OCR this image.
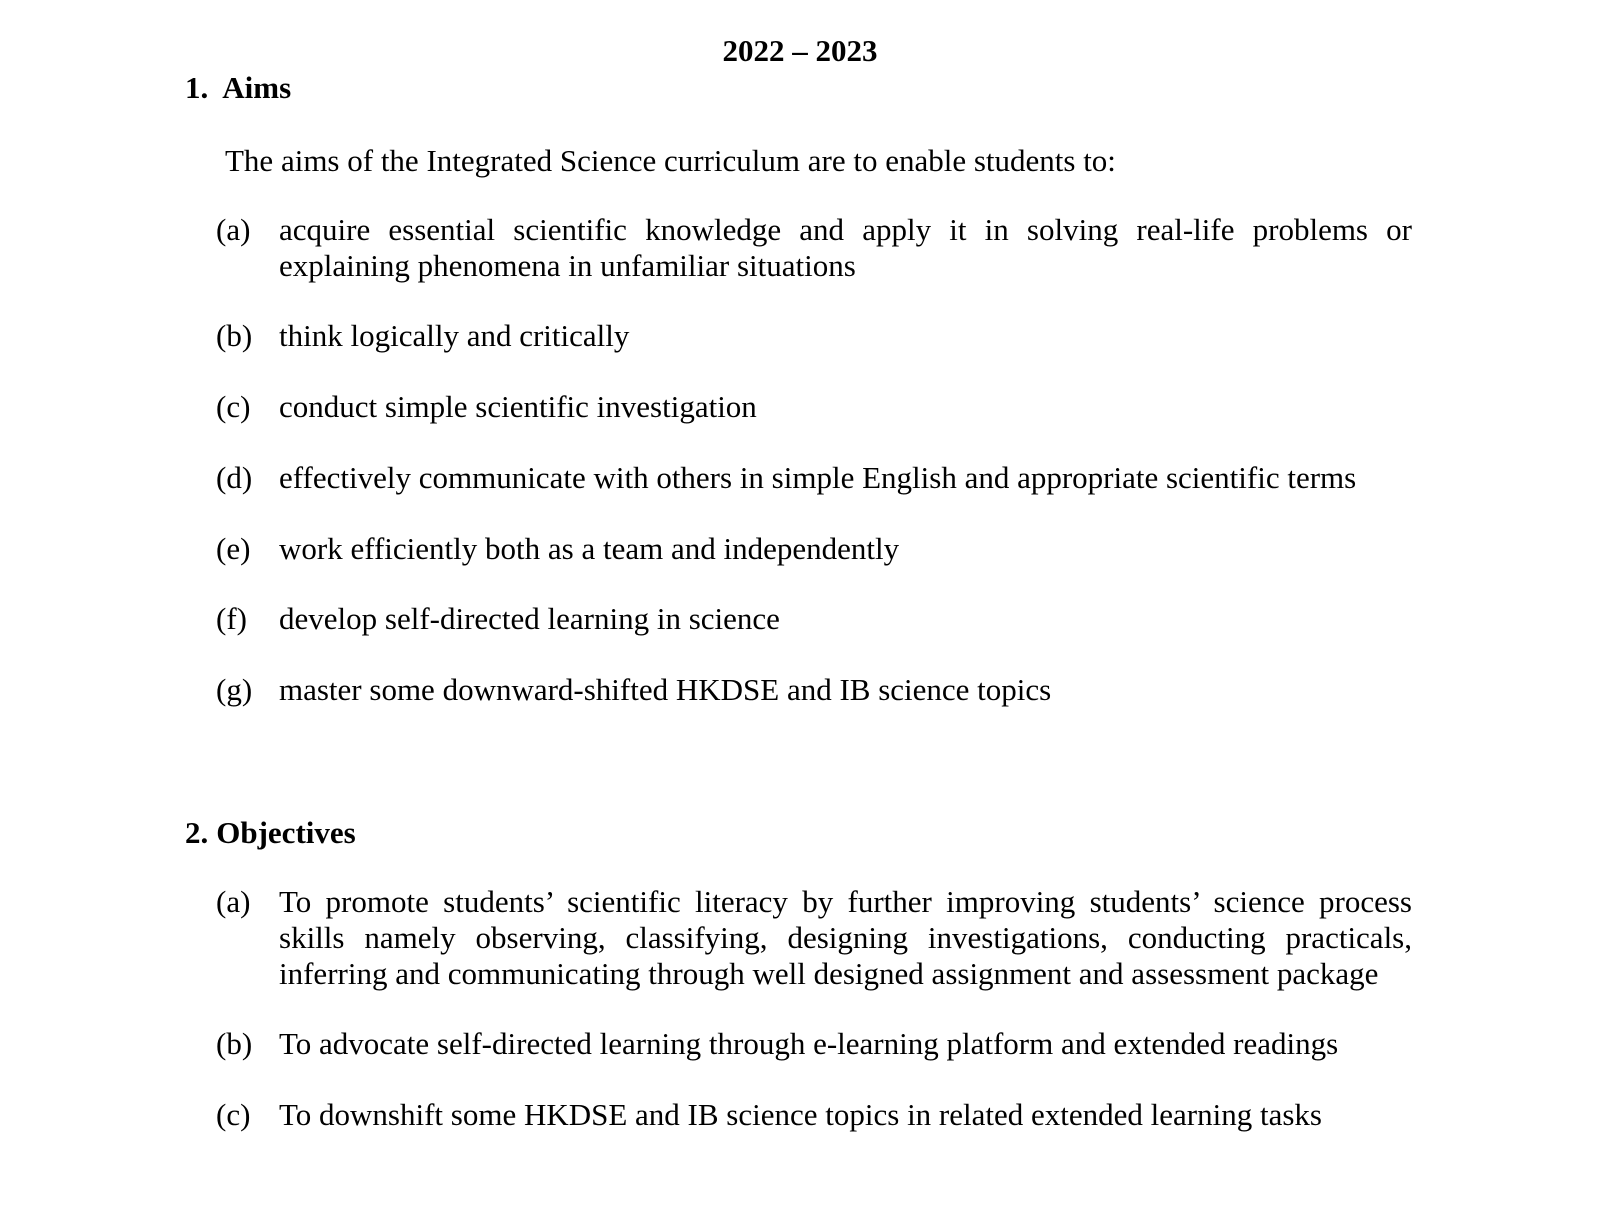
2022 – 2023
1. Aims
The aims of the Integrated Science curriculum are to enable students to:
(a) acquire essential scientific knowledge and apply it in solving real-life problems or explaining phenomena in unfamiliar situations
(b) think logically and critically
(c) conduct simple scientific investigation
(d) effectively communicate with others in simple English and appropriate scientific terms
(e) work efficiently both as a team and independently
(f)	develop self-directed learning in science
(g) master some downward-shifted HKDSE and IB science topics
2. Objectives
(a) To promote students’ scientific literacy by further improving students’ science process skills namely observing, classifying, designing investigations, conducting practicals, inferring and communicating through well designed assignment and assessment package
(b) To advocate self-directed learning through e-learning platform and extended readings
(c) To downshift some HKDSE and IB science topics in related extended learning tasks
